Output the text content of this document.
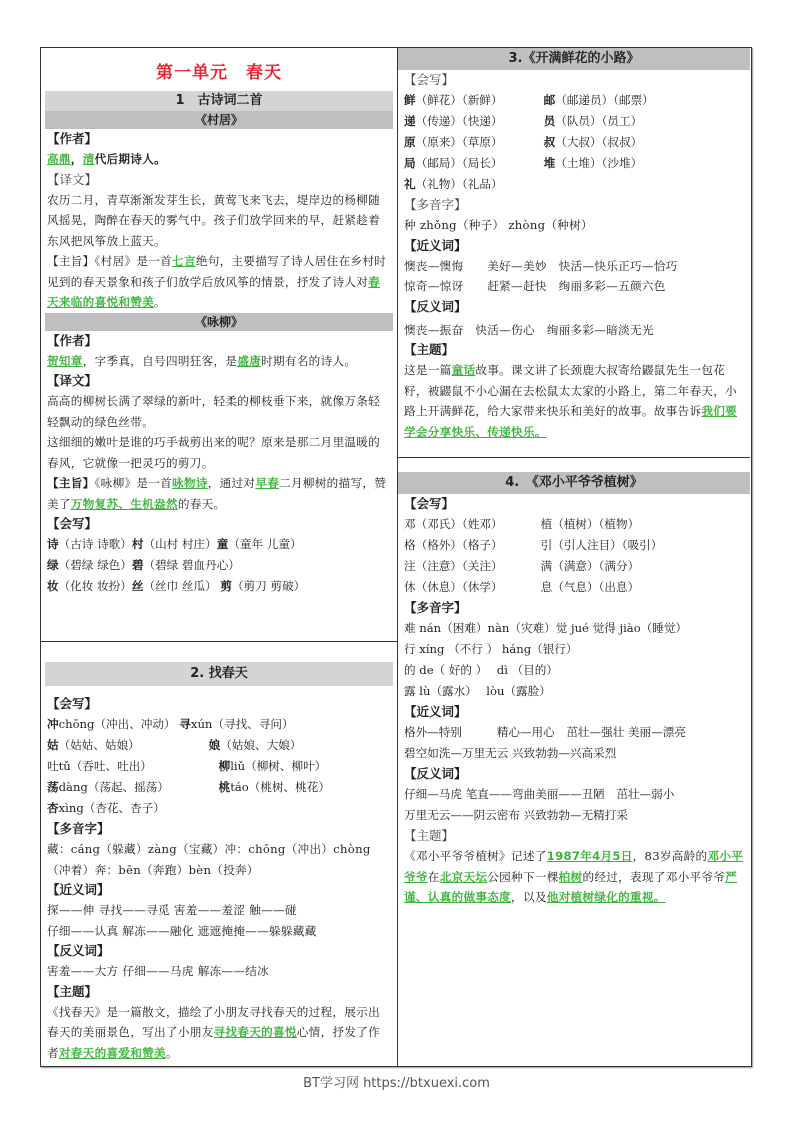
第一单元　春天
1　古诗词二首
《村居》
【作者】
高鼎，清代后期诗人。
【译文】
农历二月，青草渐渐发芽生长，黄莺飞来飞去，堤岸边的杨柳随风摇晃，陶醉在春天的雾气中。孩子们放学回来的早，赶紧趁着东风把风筝放上蓝天。
【主旨】《村居》是一首七言绝句，主要描写了诗人居住在乡村时见到的春天景象和孩子们放学后放风筝的情景，抒发了诗人对春天来临的喜悦和赞美。
《咏柳》
【作者】
贺知章，字季真，自号四明狂客，是盛唐时期有名的诗人。
【译文】
高高的柳树长满了翠绿的新叶，轻柔的柳枝垂下来，就像万条轻轻飘动的绿色丝带。
这细细的嫩叶是谁的巧手裁剪出来的呢？原来是那二月里温暖的春风，它就像一把灵巧的剪刀。
【主旨】《咏柳》是一首咏物诗，通过对早春二月柳树的描写，赞美了万物复苏、生机盎然的春天。
【会写】
诗（古诗 诗歌）村（山村 村庄）童（童年 儿童）
绿（碧绿 绿色）碧（碧绿 碧血丹心）
妆（化妆 妆扮）丝（丝巾 丝瓜） 剪（剪刀 剪破）
2. 找春天
【会写】
冲chōng（冲出、冲动） 寻xún（寻找、寻问）
姑（姑姑、姑娘）	娘（姑娘、大娘）
吐tǔ（吞吐、吐出）	柳liǔ（柳树、柳叶）
荡dàng（荡起、摇荡）	桃táo（桃树、桃花）
杏xìng（杏花、杏子）
【多音字】
藏：cáng（躲藏）zàng（宝藏）冲：chōng（冲出）chòng（冲着）奔：bēn（奔跑）bèn（投奔）
【近义词】
探——伸 寻找——寻觅 害羞——羞涩 触——碰
仔细——认真 解冻——融化 遮遮掩掩——躲躲藏藏
【反义词】
害羞——大方 仔细——马虎 解冻——结冰
【主题】
《找春天》是一篇散文，描绘了小朋友寻找春天的过程，展示出春天的美丽景色，写出了小朋友寻找春天的喜悦心情，抒发了作者对春天的喜爱和赞美。
3.《开满鲜花的小路》
【会写】
鲜（鲜花）（新鲜）	邮（邮递员）（邮票）
递（传递）（快递）	员（队员）（员工）
原（原来）（草原）	叔（大叔）（叔叔）
局（邮局）（局长）	堆（土堆）（沙堆）
礼（礼物）（礼品）
【多音字】
种 zhǒng（种子） zhòng（种树）
【近义词】
懊丧—懊悔　　美好—美妙　快活—快乐正巧—恰巧
惊奇—惊讶　　赶紧—赶快　绚丽多彩—五颜六色
【反义词】
懊丧—振奋　快活—伤心　绚丽多彩—暗淡无光
【主题】
这是一篇童话故事。课文讲了长颈鹿大叔寄给鼹鼠先生一包花籽，被鼹鼠不小心漏在去松鼠太太家的小路上，第二年春天，小路上开满鲜花，给大家带来快乐和美好的故事。故事告诉我们要学会分享快乐、传递快乐。
4.　《邓小平爷爷植树》
【会写】
邓（邓氏）（姓邓）	植（植树）（植物）
格（格外）（格子）	引（引人注目）（吸引）
注（注意）（关注）	满（满意）（满分）
休（休息）（休学）	息（气息）（出息）
【多音字】
难 nán（困难）nàn（灾难）觉 jué 觉得 jiào（睡觉）
行 xíng （不行 ） háng（银行）
的 de（ 好的 ）　 dì （目的）
露 lù（露水）　 lòu（露脸）
【近义词】
格外—特别　　　精心—用心　茁壮—强壮 美丽—漂亮
碧空如洗—万里无云 兴致勃勃—兴高采烈
【反义词】
仔细—马虎 笔直——弯曲美丽——丑陋　茁壮—弱小
万里无云——阴云密布 兴致勃勃—无精打采
【主题】
《邓小平爷爷植树》记述了1987年4月5日，83岁高龄的邓小平爷爷在北京天坛公园种下一棵柏树的经过，表现了邓小平爷爷严谨、认真的做事态度，以及他对植树绿化的重视。
BT学习网 https://btxuexi.com
